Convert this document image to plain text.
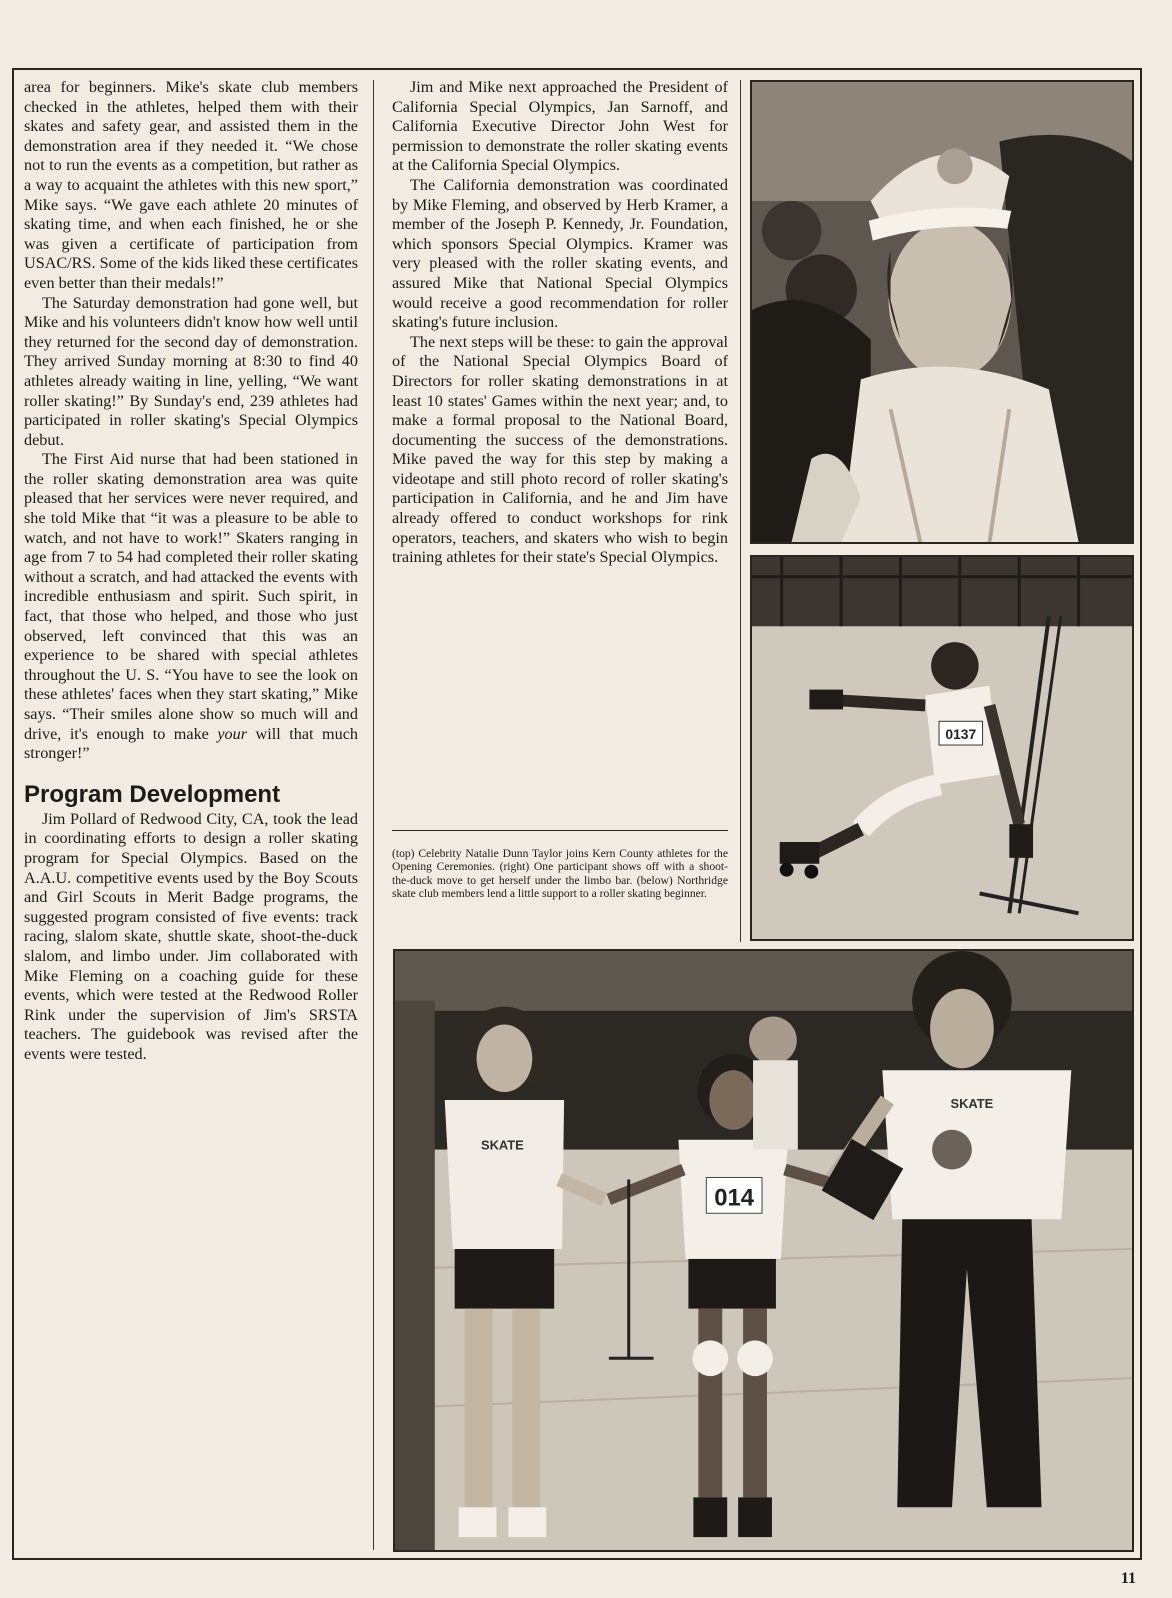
area for beginners. Mike's skate club members checked in the athletes, helped them with their skates and safety gear, and assisted them in the demonstration area if they needed it. “We chose not to run the events as a competition, but rather as a way to acquaint the athletes with this new sport,” Mike says. “We gave each athlete 20 minutes of skating time, and when each finished, he or she was given a certificate of participation from USAC/RS. Some of the kids liked these certificates even better than their medals!”

The Saturday demonstration had gone well, but Mike and his volunteers didn't know how well until they returned for the second day of demonstration. They arrived Sunday morning at 8:30 to find 40 athletes already waiting in line, yelling, “We want roller skating!” By Sunday's end, 239 athletes had participated in roller skating's Special Olympics debut.

The First Aid nurse that had been stationed in the roller skating demonstration area was quite pleased that her services were never required, and she told Mike that “it was a pleasure to be able to watch, and not have to work!” Skaters ranging in age from 7 to 54 had completed their roller skating without a scratch, and had attacked the events with incredible enthusiasm and spirit. Such spirit, in fact, that those who helped, and those who just observed, left convinced that this was an experience to be shared with special athletes throughout the U. S. “You have to see the look on these athletes' faces when they start skating,” Mike says. “Their smiles alone show so much will and drive, it's enough to make your will that much stronger!”

Program Development

Jim Pollard of Redwood City, CA, took the lead in coordinating efforts to design a roller skating program for Special Olympics. Based on the A.A.U. competitive events used by the Boy Scouts and Girl Scouts in Merit Badge programs, the suggested program consisted of five events: track racing, slalom skate, shuttle skate, shoot-the-duck slalom, and limbo under. Jim collaborated with Mike Fleming on a coaching guide for these events, which were tested at the Redwood Roller Rink under the supervision of Jim's SRSTA teachers. The guidebook was revised after the events were tested.

Jim and Mike next approached the President of California Special Olympics, Jan Sarnoff, and California Executive Director John West for permission to demonstrate the roller skating events at the California Special Olympics.

The California demonstration was coordinated by Mike Fleming, and observed by Herb Kramer, a member of the Joseph P. Kennedy, Jr. Foundation, which sponsors Special Olympics. Kramer was very pleased with the roller skating events, and assured Mike that National Special Olympics would receive a good recommendation for roller skating's future inclusion.

The next steps will be these: to gain the approval of the National Special Olympics Board of Directors for roller skating demonstrations in at least 10 states' Games within the next year; and, to make a formal proposal to the National Board, documenting the success of the demonstrations. Mike paved the way for this step by making a videotape and still photo record of roller skating's participation in California, and he and Jim have already offered to conduct workshops for rink operators, teachers, and skaters who wish to begin training athletes for their state's Special Olympics.

(top) Celebrity Natalie Dunn Taylor joins Kern County athletes for the Opening Ceremonies. (right) One participant shows off with a shoot-the-duck move to get herself under the limbo bar. (below) Northridge skate club members lend a little support to a roller skating beginner.
0137
SKATE
014
SKATE
11
